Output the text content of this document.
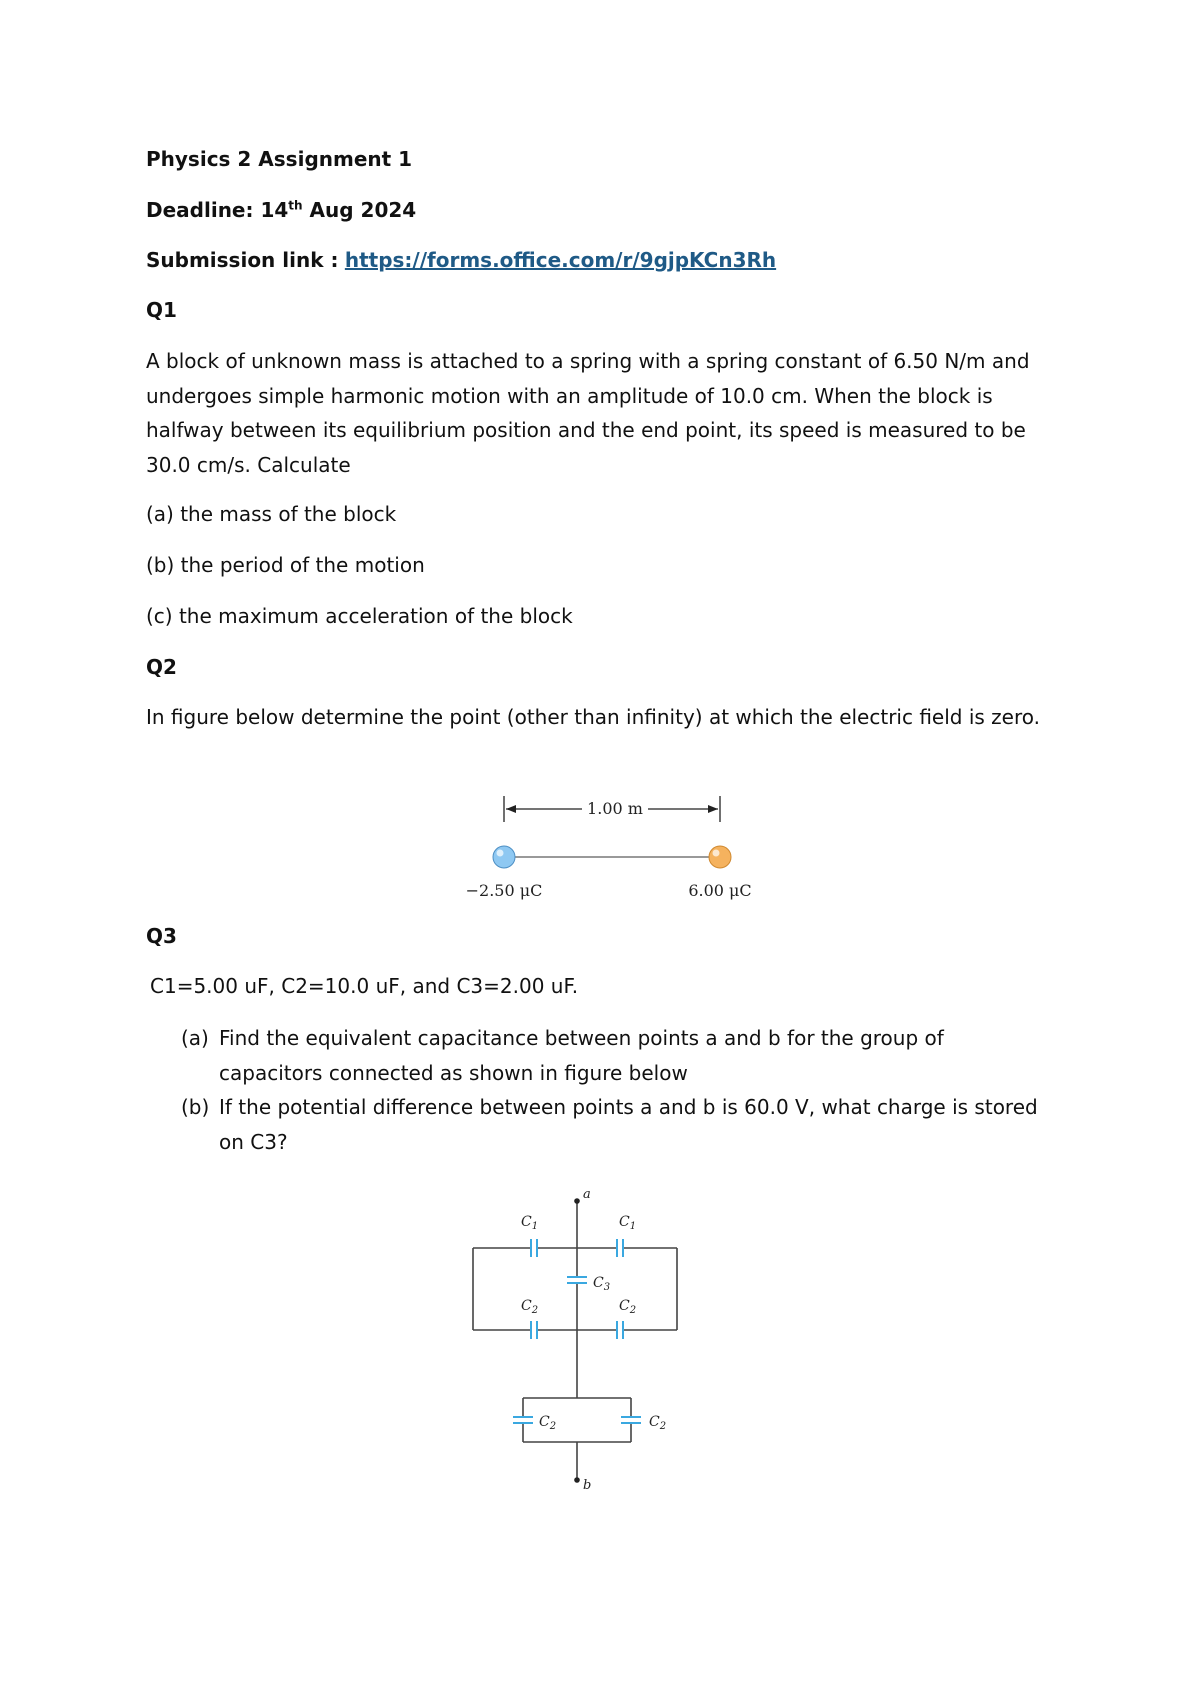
Physics 2 Assignment 1
Deadline: 14th Aug 2024
Submission link : https://forms.office.com/r/9gjpKCn3Rh
Q1
A block of unknown mass is attached to a spring with a spring constant of 6.50 N/m and undergoes simple harmonic motion with an amplitude of 10.0 cm. When the block is halfway between its equilibrium position and the end point, its speed is measured to be 30.0 cm/s. Calculate
(a) the mass of the block
(b) the period of the motion
(c) the maximum acceleration of the block
Q2
In figure below determine the point (other than infinity) at which the electric field is zero.
1.00 m
−2.50 μC	6.00 μC
Q3
C1=5.00 uF, C2=10.0 uF, and C3=2.00 uF.
(a) Find the equivalent capacitance between points a and b for the group of capacitors connected as shown in figure below
(b) If the potential difference between points a and b is 60.0 V, what charge is stored on C3?
a
b
$C_1$	$C_1$
$C_2$	$C_2$
$C_3$
$C_2$	$C_2$
